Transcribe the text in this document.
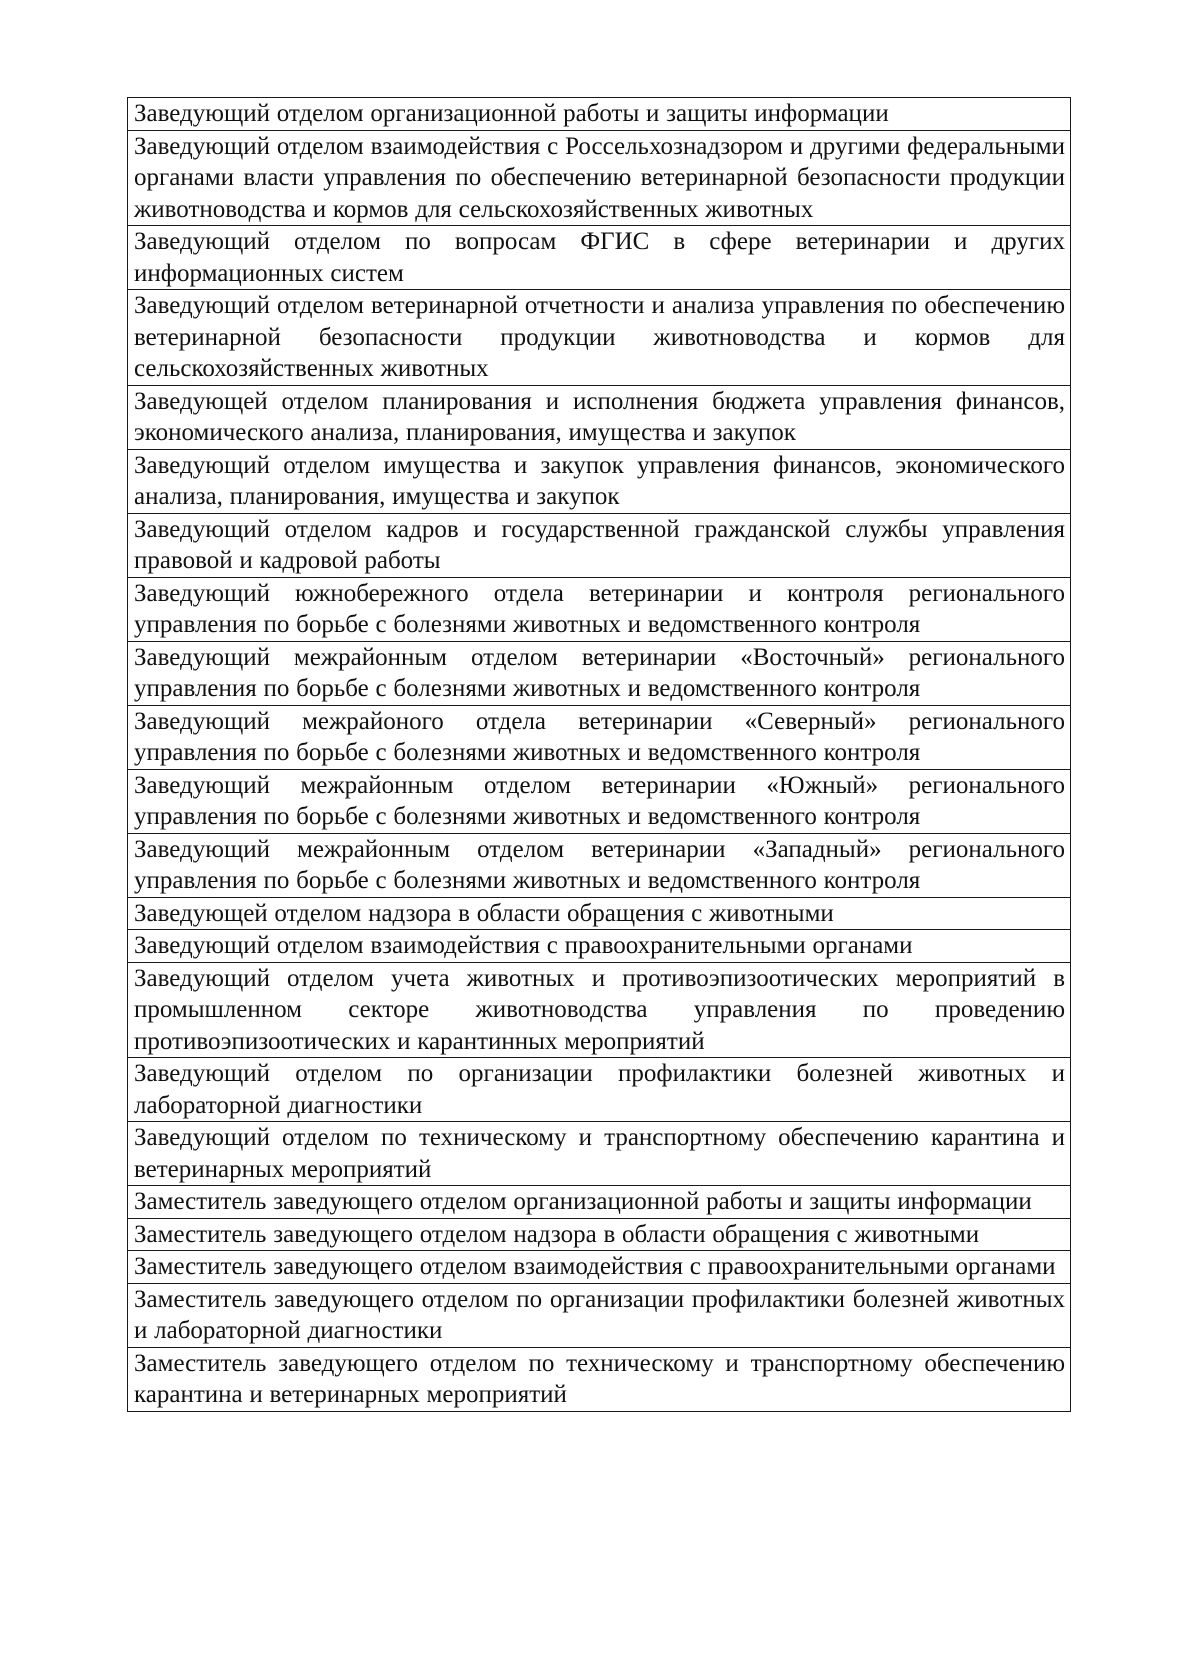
Заведующий отделом организационной работы и защиты информации
Заведующий отделом взаимодействия с Россельхознадзором и другими федеральными органами власти управления по обеспечению ветеринарной безопасности продукции животноводства и кормов для сельскохозяйственных животных
Заведующий отделом по вопросам ФГИС в сфере ветеринарии и других информационных систем
Заведующий отделом ветеринарной отчетности и анализа управления по обеспечению ветеринарной безопасности продукции животноводства и кормов для сельскохозяйственных животных
Заведующей отделом планирования и исполнения бюджета управления финансов, экономического анализа, планирования, имущества и закупок
Заведующий отделом имущества и закупок управления финансов, экономического анализа, планирования, имущества и закупок
Заведующий отделом кадров и государственной гражданской службы управления правовой и кадровой работы
Заведующий южнобережного отдела ветеринарии и контроля регионального управления по борьбе с болезнями животных и ведомственного контроля
Заведующий межрайонным отделом ветеринарии «Восточный» регионального управления по борьбе с болезнями животных и ведомственного контроля
Заведующий межрайоного отдела ветеринарии «Северный» регионального управления по борьбе с болезнями животных и ведомственного контроля
Заведующий межрайонным отделом ветеринарии «Южный» регионального управления по борьбе с болезнями животных и ведомственного контроля
Заведующий межрайонным отделом ветеринарии «Западный» регионального управления по борьбе с болезнями животных и ведомственного контроля
Заведующей отделом надзора в области обращения с животными
Заведующий отделом взаимодействия с правоохранительными органами
Заведующий отделом учета животных и противоэпизоотических мероприятий в промышленном секторе животноводства управления по проведению противоэпизоотических и карантинных мероприятий
Заведующий отделом по организации профилактики болезней животных и лабораторной диагностики
Заведующий отделом по техническому и транспортному обеспечению карантина и ветеринарных мероприятий
Заместитель заведующего отделом организационной работы и защиты информации
Заместитель заведующего отделом надзора в области обращения с животными
Заместитель заведующего отделом взаимодействия с правоохранительными органами
Заместитель заведующего отделом по организации профилактики болезней животных и лабораторной диагностики
Заместитель заведующего отделом по техническому и транспортному обеспечению карантина и ветеринарных мероприятий
